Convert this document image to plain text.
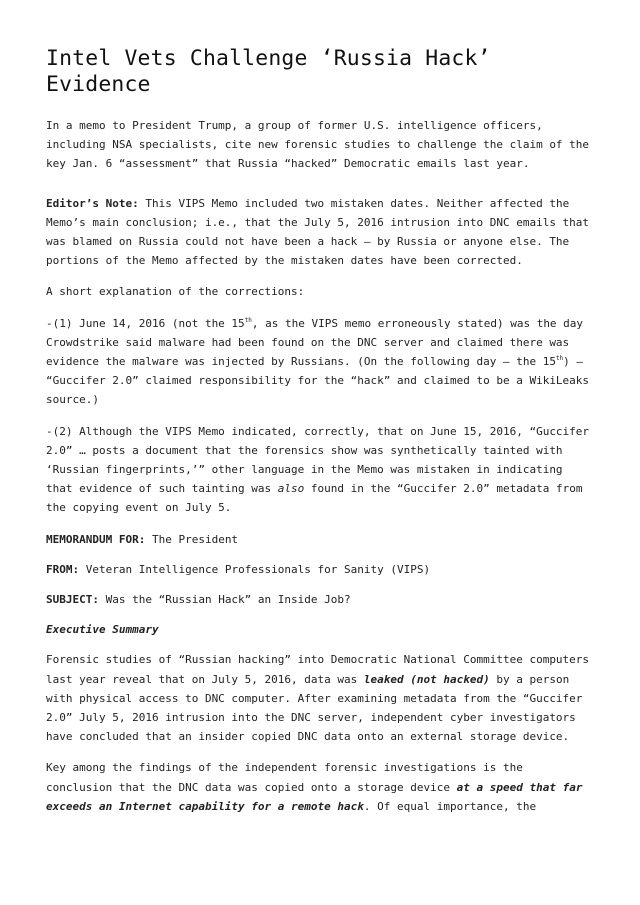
Intel Vets Challenge ‘Russia Hack’ Evidence

In a memo to President Trump, a group of former U.S. intelligence officers, including NSA specialists, cite new forensic studies to challenge the claim of the key Jan. 6 “assessment” that Russia “hacked” Democratic emails last year.

Editor’s Note: This VIPS Memo included two mistaken dates. Neither affected the Memo’s main conclusion; i.e., that the July 5, 2016 intrusion into DNC emails that was blamed on Russia could not have been a hack — by Russia or anyone else. The portions of the Memo affected by the mistaken dates have been corrected.

A short explanation of the corrections:

-(1) June 14, 2016 (not the 15th, as the VIPS memo erroneously stated) was the day Crowdstrike said malware had been found on the DNC server and claimed there was evidence the malware was injected by Russians. (On the following day — the 15th) — “Guccifer 2.0” claimed responsibility for the “hack” and claimed to be a WikiLeaks source.)

-(2) Although the VIPS Memo indicated, correctly, that on June 15, 2016, “Guccifer 2.0” … posts a document that the forensics show was synthetically tainted with ‘Russian fingerprints,’” other language in the Memo was mistaken in indicating that evidence of such tainting was also found in the “Guccifer 2.0” metadata from the copying event on July 5.

MEMORANDUM FOR: The President

FROM: Veteran Intelligence Professionals for Sanity (VIPS)

SUBJECT: Was the “Russian Hack” an Inside Job?

Executive Summary

Forensic studies of “Russian hacking” into Democratic National Committee computers last year reveal that on July 5, 2016, data was leaked (not hacked) by a person with physical access to DNC computer. After examining metadata from the “Guccifer 2.0” July 5, 2016 intrusion into the DNC server, independent cyber investigators have concluded that an insider copied DNC data onto an external storage device.

Key among the findings of the independent forensic investigations is the conclusion that the DNC data was copied onto a storage device at a speed that far exceeds an Internet capability for a remote hack. Of equal importance, the
